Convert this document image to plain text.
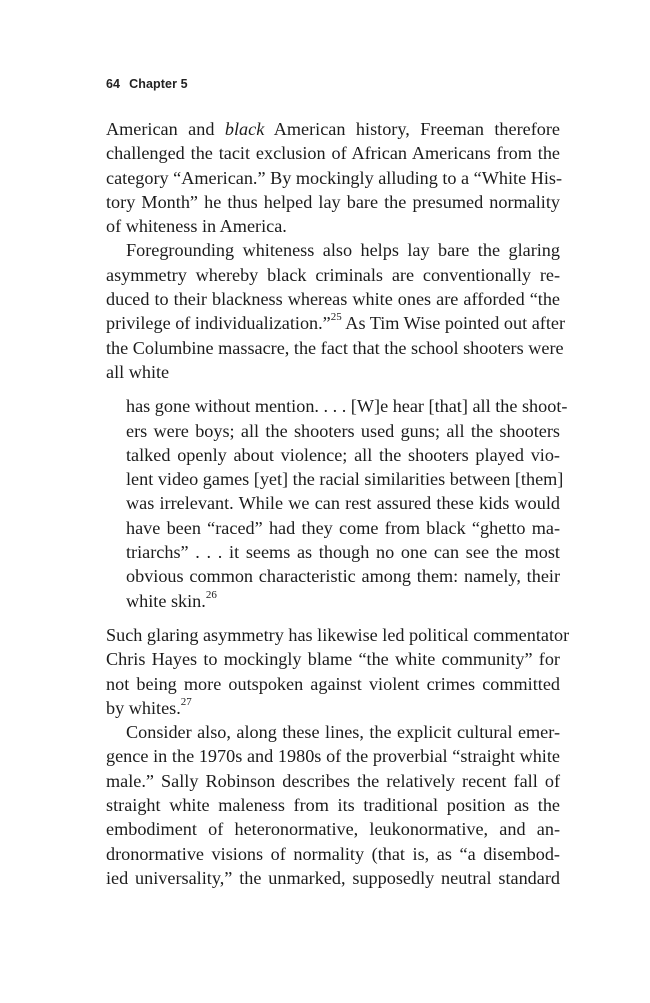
64 Chapter 5
American and black American history, Freeman therefore
challenged the tacit exclusion of African Americans from the
category “American.” By mockingly alluding to a “White His-
tory Month” he thus helped lay bare the presumed normality
of whiteness in America.
Foregrounding whiteness also helps lay bare the glaring
asymmetry whereby black criminals are conventionally re-
duced to their blackness whereas white ones are afforded “the
privilege of individualization.”$^{25}$ As Tim Wise pointed out after
the Columbine massacre, the fact that the school shooters were
all white
has gone without mention. . . . [W]e hear [that] all the shoot-
ers were boys; all the shooters used guns; all the shooters
talked openly about violence; all the shooters played vio-
lent video games [yet] the racial similarities between [them]
was irrelevant. While we can rest assured these kids would
have been “raced” had they come from black “ghetto ma-
triarchs” . . . it seems as though no one can see the most
obvious common characteristic among them: namely, their
white skin.$^{26}$
Such glaring asymmetry has likewise led political commentator
Chris Hayes to mockingly blame “the white community” for
not being more outspoken against violent crimes committed
by whites.$^{27}$
Consider also, along these lines, the explicit cultural emer-
gence in the 1970s and 1980s of the proverbial “straight white
male.” Sally Robinson describes the relatively recent fall of
straight white maleness from its traditional position as the
embodiment of heteronormative, leukonormative, and an-
dronormative visions of normality (that is, as “a disembod-
ied universality,” the unmarked, supposedly neutral standard
